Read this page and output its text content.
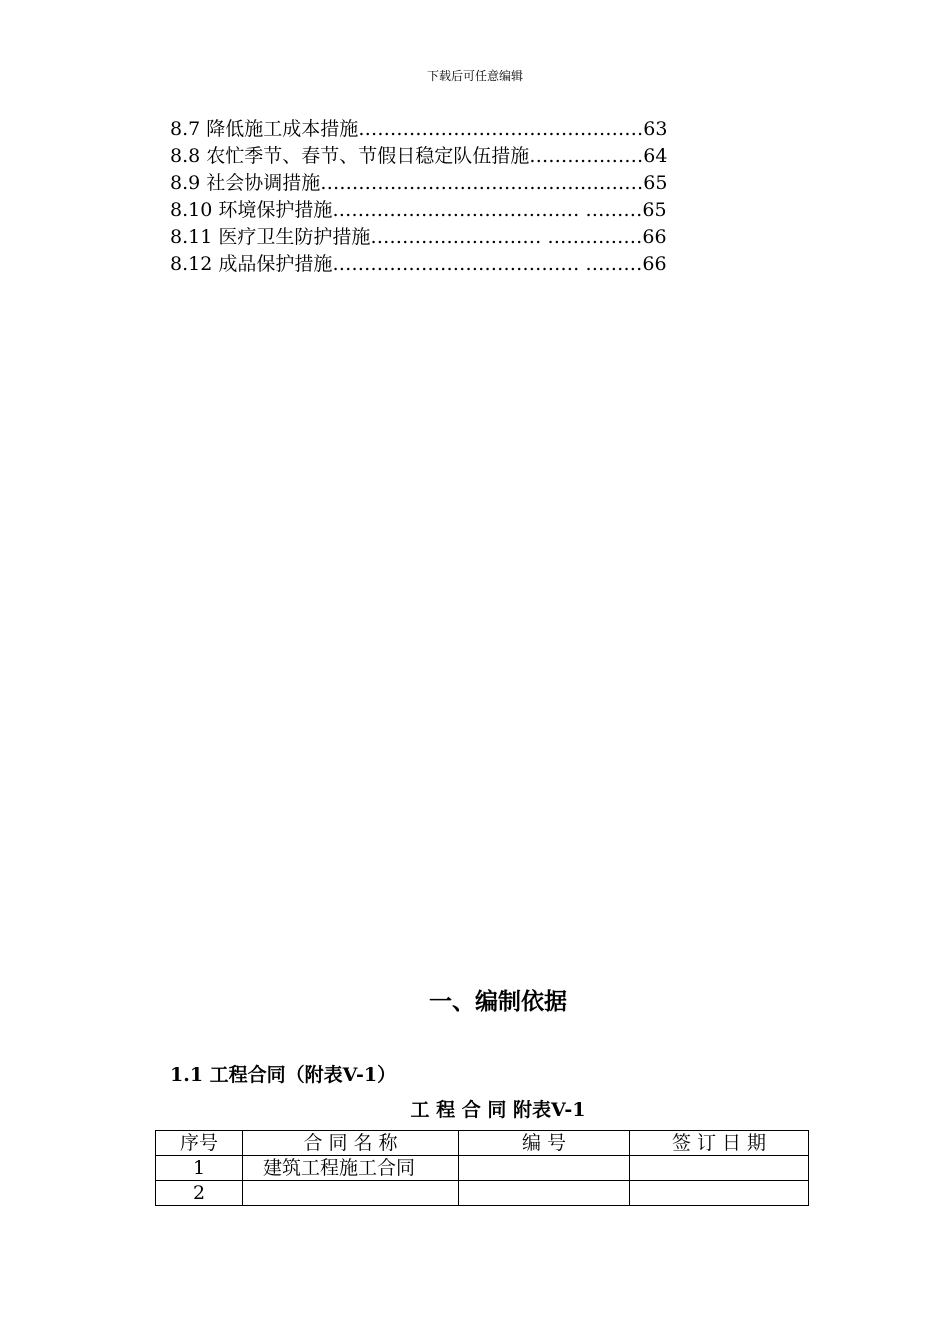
下载后可任意编辑
8.7 降低施工成本措施………………………………………63
8.8 农忙季节、春节、节假日稳定队伍措施………………64
8.9 社会协调措施……………………………………………65
8.10 环境保护措施………………………………… ………65
8.11 医疗卫生防护措施……………………… ……………66
8.12 成品保护措施………………………………… ………66
一、编制依据
1.1 工程合同（附表V-1）
工 程 合 同 附表V-1
序号	合 同 名 称	编 号	签 订 日 期
1	建筑工程施工合同		
2			
